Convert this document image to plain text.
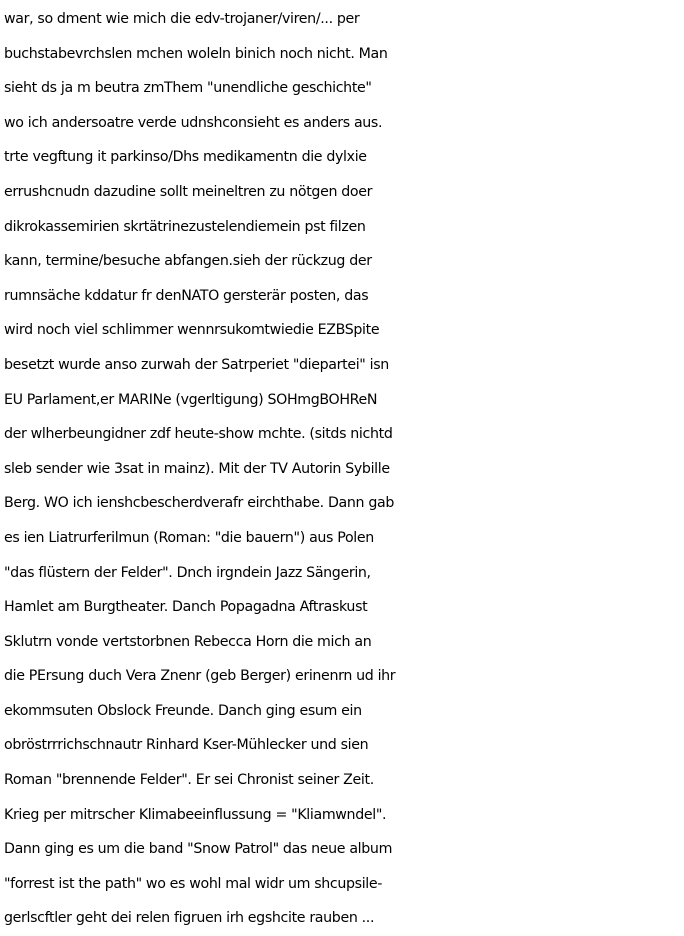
war, so dment wie mich die edv-trojaner/viren/... per
buchstabevrchslen mchen woleln binich noch nicht. Man
sieht ds ja m beutra zmThem "unendliche geschichte"
wo ich andersoatre verde udnshconsieht es anders aus.
trte vegftung it parkinso/Dhs medikamentn die dylxie
errushcnudn dazudine sollt meineltren zu nötgen doer
dikrokassemirien skrtätrinezustelendiemein pst filzen
kann, termine/besuche abfangen.sieh der rückzug der
rumnsäche kddatur fr denNATO gersterär posten, das
wird noch viel schlimmer wennrsukomtwiedie EZBSpite
besetzt wurde anso zurwah der Satrperiet "diepartei" isn
EU Parlament,er MARINe (vgerltigung) SOHmgBOHReN
der wlherbeungidner zdf heute-show mchte. (sitds nichtd
sleb sender wie 3sat in mainz). Mit der TV Autorin Sybille
Berg. WO ich ienshcbescherdverafr eirchthabe. Dann gab
es ien Liatrurferilmun (Roman: "die bauern") aus Polen
"das flüstern der Felder". Dnch irgndein Jazz Sängerin,
Hamlet am Burgtheater. Danch Popagadna Aftraskust
Sklutrn vonde vertstorbnen Rebecca Horn die mich an
die PErsung duch Vera Znenr (geb Berger) erinenrn ud ihr
ekommsuten Obslock Freunde. Danch ging esum ein
obröstrrrichschnautr Rinhard Kser-Mühlecker und sien
Roman "brennende Felder". Er sei Chronist seiner Zeit.
Krieg per mitrscher Klimabeeinflussung = "Kliamwndel".
Dann ging es um die band "Snow Patrol" das neue album
"forrest ist the path" wo es wohl mal widr um shcupsile-
gerlscftler geht dei relen figruen irh egshcite rauben ...
